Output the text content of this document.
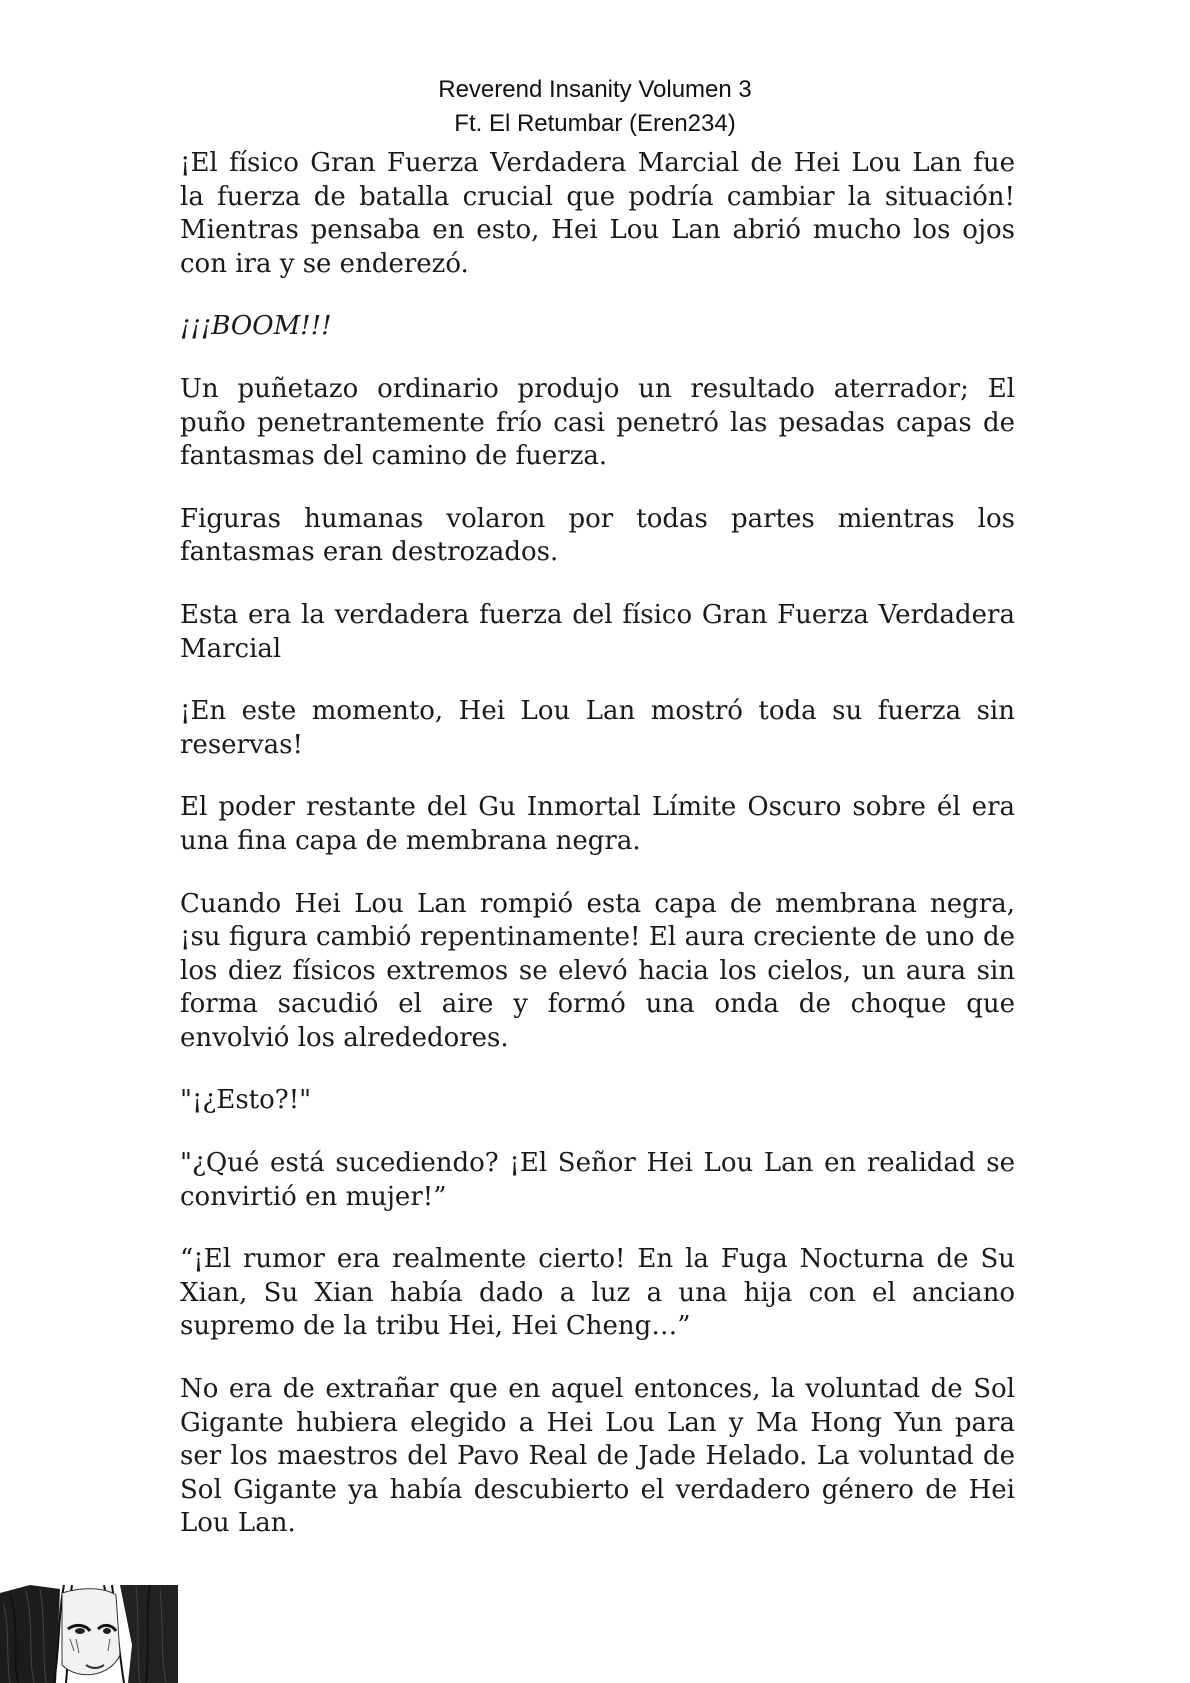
Reverend Insanity Volumen 3
Ft. El Retumbar (Eren234)

¡El físico Gran Fuerza Verdadera Marcial de Hei Lou Lan fue la fuerza de batalla crucial que podría cambiar la situación! Mientras pensaba en esto, Hei Lou Lan abrió mucho los ojos con ira y se enderezó.

¡¡¡BOOM!!!

Un puñetazo ordinario produjo un resultado aterrador; El puño penetrantemente frío casi penetró las pesadas capas de fantasmas del camino de fuerza.

Figuras humanas volaron por todas partes mientras los fantasmas eran destrozados.

Esta era la verdadera fuerza del físico Gran Fuerza Verdadera Marcial

¡En este momento, Hei Lou Lan mostró toda su fuerza sin reservas!

El poder restante del Gu Inmortal Límite Oscuro sobre él era una fina capa de membrana negra.

Cuando Hei Lou Lan rompió esta capa de membrana negra, ¡su figura cambió repentinamente! El aura creciente de uno de los diez físicos extremos se elevó hacia los cielos, un aura sin forma sacudió el aire y formó una onda de choque que envolvió los alrededores.

"¡¿Esto?!"

"¿Qué está sucediendo? ¡El Señor Hei Lou Lan en realidad se convirtió en mujer!”

“¡El rumor era realmente cierto! En la Fuga Nocturna de Su Xian, Su Xian había dado a luz a una hija con el anciano supremo de la tribu Hei, Hei Cheng…”

No era de extrañar que en aquel entonces, la voluntad de Sol Gigante hubiera elegido a Hei Lou Lan y Ma Hong Yun para ser los maestros del Pavo Real de Jade Helado. La voluntad de Sol Gigante ya había descubierto el verdadero género de Hei Lou Lan.
